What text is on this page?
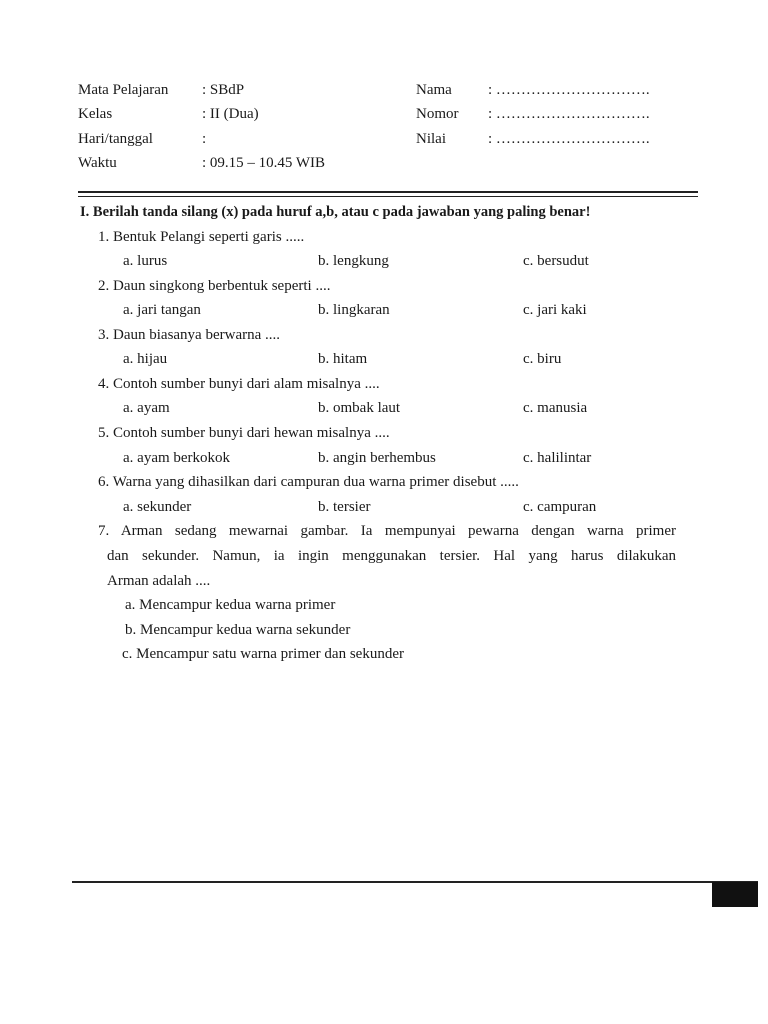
Mata Pelajaran : SBdP
Kelas	: II (Dua)
Hari/tanggal	:
Waktu	: 09.15 – 10.45 WIB
Nama : ………………………….
Nomor : ………………………….
Nilai	: ………………………….
I. Berilah tanda silang (x) pada huruf a,b, atau c pada jawaban yang paling benar!
1. Bentuk Pelangi seperti garis .....
a. lurus	b. lengkung	c. bersudut
2. Daun singkong berbentuk seperti ....
a. jari tangan	b. lingkaran	c. jari kaki
3. Daun biasanya berwarna ....
a. hijau	b. hitam	c. biru
4. Contoh sumber bunyi dari alam misalnya ....
a. ayam	b. ombak laut	c. manusia
5. Contoh sumber bunyi dari hewan misalnya ....
a. ayam berkokok	b. angin berhembus	c. halilintar
6. Warna yang dihasilkan dari campuran dua warna primer disebut .....
a. sekunder	b. tersier	c. campuran
7. Arman sedang mewarnai gambar. Ia mempunyai pewarna dengan warna primer
dan sekunder. Namun, ia ingin menggunakan tersier. Hal yang harus dilakukan
Arman adalah ....
a. Mencampur kedua warna primer
b. Mencampur kedua warna sekunder
c. Mencampur satu warna primer dan sekunder
